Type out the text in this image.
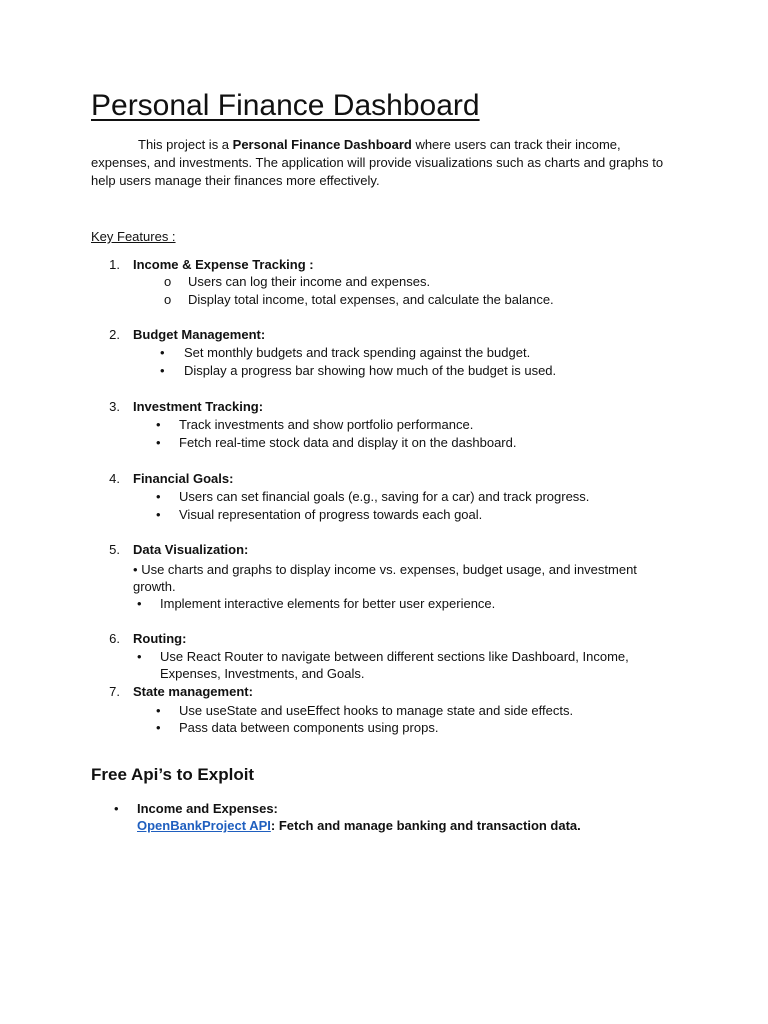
Personal Finance Dashboard
This project is a Personal Finance Dashboard where users can track their income, expenses, and investments. The application will provide visualizations such as charts and graphs to help users manage their finances more effectively.
Key Features :
1. Income & Expense Tracking :
o Users can log their income and expenses.
o Display total income, total expenses, and calculate the balance.
2. Budget Management:
• Set monthly budgets and track spending against the budget.
• Display a progress bar showing how much of the budget is used.
3. Investment Tracking:
• Track investments and show portfolio performance.
• Fetch real-time stock data and display it on the dashboard.
4. Financial Goals:
• Users can set financial goals (e.g., saving for a car) and track progress.
• Visual representation of progress towards each goal.
5. Data Visualization:
• Use charts and graphs to display income vs. expenses, budget usage, and investment growth.
• Implement interactive elements for better user experience.
6. Routing:
• Use React Router to navigate between different sections like Dashboard, Income, Expenses, Investments, and Goals.
7. State management:
• Use useState and useEffect hooks to manage state and side effects.
• Pass data between components using props.
Free Api’s to Exploit
• Income and Expenses:
OpenBankProject API: Fetch and manage banking and transaction data.
